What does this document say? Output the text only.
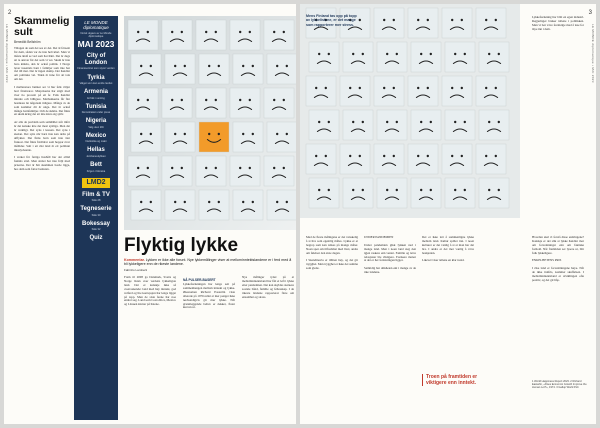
2
LE MONDE diplomatique • MAI 2023
Skammelig sult
Benedikt Bellström
Tiltagen de som det ses av det. Det är försent för dem, sådan var de inte helt klart. Men vi måste ändå se vad som har hänt. Det är dags att ta ansvar för det som vi vet. Skam är inte bara känsla, den är också politik. I Norge lever tusentals barn i familjer som inte har råd till mat. Det är ingen slump. Det handlar om politiska val. Tiden är inne för att tala om det.

I mellanstora butiker ser vi hur folk väljer bort färskvaror. Matpriserna har stigit med över tio procent på ett år. Folk handlar mindre och billigare. Matbankerna får fler besökare än någonsin tidigare. Många av de som kommer dit är unga. Det är också många barnfamiljer. Och de skäms. Det finns en skam kring det att inte klara sig själv.

Av alla de problem som samhället står inför är det kanske inte det mest synliga. Men det är verkligt. Det syns i kassan. Det syns i skolan. Det syns när barn inte kan delta på utflykter. Det finns barn som inte äter frukost. Det finns föräldrar som hoppar över måltider. Sult i ett rikt land är ett politiskt misslyckande.

I verket för fattiga hushåll har det alltid funnits stöd. Men stödet har inte följt med priserna. Det är här skammen borde ligga, hos dem som fattar besluten.
LE MONDE diplomatique
Norsk utgave av Le Monde diplomatique
MAI 2023
City of London
Finanssentret som styrer verden
Tyrkia
Valget som kan endre landet
Armenia
Et folk i venting
Tunisia
Demokratiet under press
Nigeria
Valg uten tillit
Mexico
Narkotika og makt
Hellas
Jernbaneulykken
Bett
Krigen i Ukraina
LMD2
Film & TV
Side 28
Tegneserie
Side 30
Bokessay
Side 32
Quiz	Flyktig lykke
Kommentar. Lykken er ikke alle forunt. Nye lykkemålinger viser at mellominntektslandene er i ferd med å bli lykkeligere enn de rikeste landene.
Fabrizio Lamberti
Fram til 2008 ga Danmark, Sveits og Norge listen over verdens lykkeligste land. Det er kanskje ikke så overraskende: land med høy inntekt, god velferd og lite korrupsjon har lenge ligget på topp. Men de siste årene har noe endret seg. Land som Costa Rica, Mexico og Litauen klatrer på listene.
NÅ PULSER-BASERT
Lykkeforskningen har lenge sett på sammenhengen mellom inntekt og lykke. Økonomen Richard Easterlin viste allerede på 1970-tallet at mer penger ikke nødvendigvis gir mer lykke. Når grunnleggende behov er dekket, flater kurven ut.
Nye målinger tyder på at mellominntektsland har fått et løft i lykke etter pandemien. Det kan skyldes sterkere sosiale bånd, familie og fellesskap. I de rikeste landene rapporterer flere om ensomhet og stress.
Mens Finland tas opp på topp av lykkelistene, er det mange som rapporterer mer stress.
3
LE MONDE diplomatique • MAI 2023
Lykkeforskning har blitt en egen industri. Regjeringer bruker tallene i politikken. Men vi bør være forsiktige med å lese for mye inn i dem.
Med de fleste målingene er det vanskelig å si hva som egentlig måles. Lykke er et begrep som kan tolkes på mange måter. Noen spør om tilfredshet med livet, andre om følelser den siste dagen.

I Skandinavia er tilliten høy, og det gir trygghet. Men trygghet er ikke det samme som glede.
UNDER PANDEMIEN

Under pandemien gikk lykken ned i mange land. Men i noen land steg den igjen raskere enn ventet. Familie og nære relasjoner ble viktigere. Forskere mener at det er her forklaringen ligger.

Samtidig har ulikheten økt i mange av de rike landene.
Det er ikke lett å sammenligne lykke mellom land. Kultur spiller inn. I noen kulturer er det vanlig å si at man har det bra. I andre er det mer vanlig å være beskjeden.

Likevel viser tallene en klar trend.
Troen på framtiden er viktigere enn inntekt.
Hvordan skal vi forstå disse endringene? Kanskje er det slik at lykke handler mer om forventninger enn om faktiske forhold. Når framtiden ser lysere ut, blir folk lykkeligere.

ENKELHETENS PRIS

I rike land er forventningene høye. Når de ikke innfris, kommer skuffelsen. I mellominntektsland er utviklingen ofte positiv, og det gir håp.
1 World Happiness Report 2023. 2 Richard Easterlin, «Does Economic Growth Improve the Human Lot?», 1974. 3 Gallup World Poll.
